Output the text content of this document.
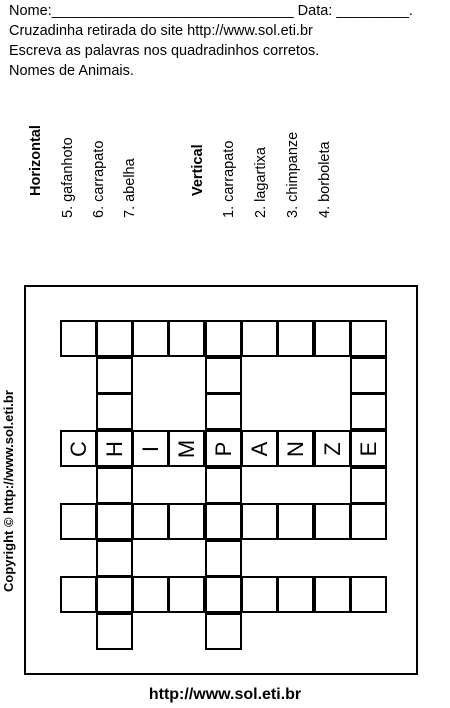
Nome:______________________________ Data: _________.
Cruzadinha retirada do site http://www.sol.eti.br
Escreva as palavras nos quadradinhos corretos.
Nomes de Animais.
Horizontal 5. gafanhoto 6. carrapato 7. abelha	Vertical 1. carrapato 2. lagartixa 3. chimpanze 4. borboleta
Copyright © http://www.sol.eti.br C H I M P A N Z E
http://www.sol.eti.br
